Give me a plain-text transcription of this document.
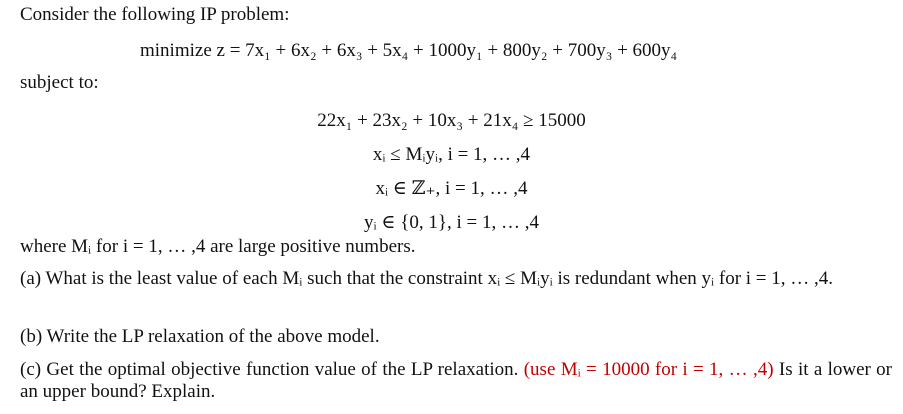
Consider the following IP problem:
minimize z = 7x₁ + 6x₂ + 6x₃ + 5x₄ + 1000y₁ + 800y₂ + 700y₃ + 600y₄
subject to:
22x₁ + 23x₂ + 10x₃ + 21x₄ ≥ 15000
xᵢ ≤ Mᵢyᵢ, i = 1, … ,4
xᵢ ∈ ℤ₊, i = 1, … ,4
yᵢ ∈ {0, 1}, i = 1, … ,4
where Mᵢ for i = 1, … ,4 are large positive numbers.
(a) What is the least value of each Mᵢ such that the constraint xᵢ ≤ Mᵢyᵢ is redundant when yᵢ for i = 1, … ,4.
(b) Write the LP relaxation of the above model.
(c) Get the optimal objective function value of the LP relaxation. (use Mᵢ = 10000 for i = 1, … ,4) Is it a lower or an upper bound? Explain.
